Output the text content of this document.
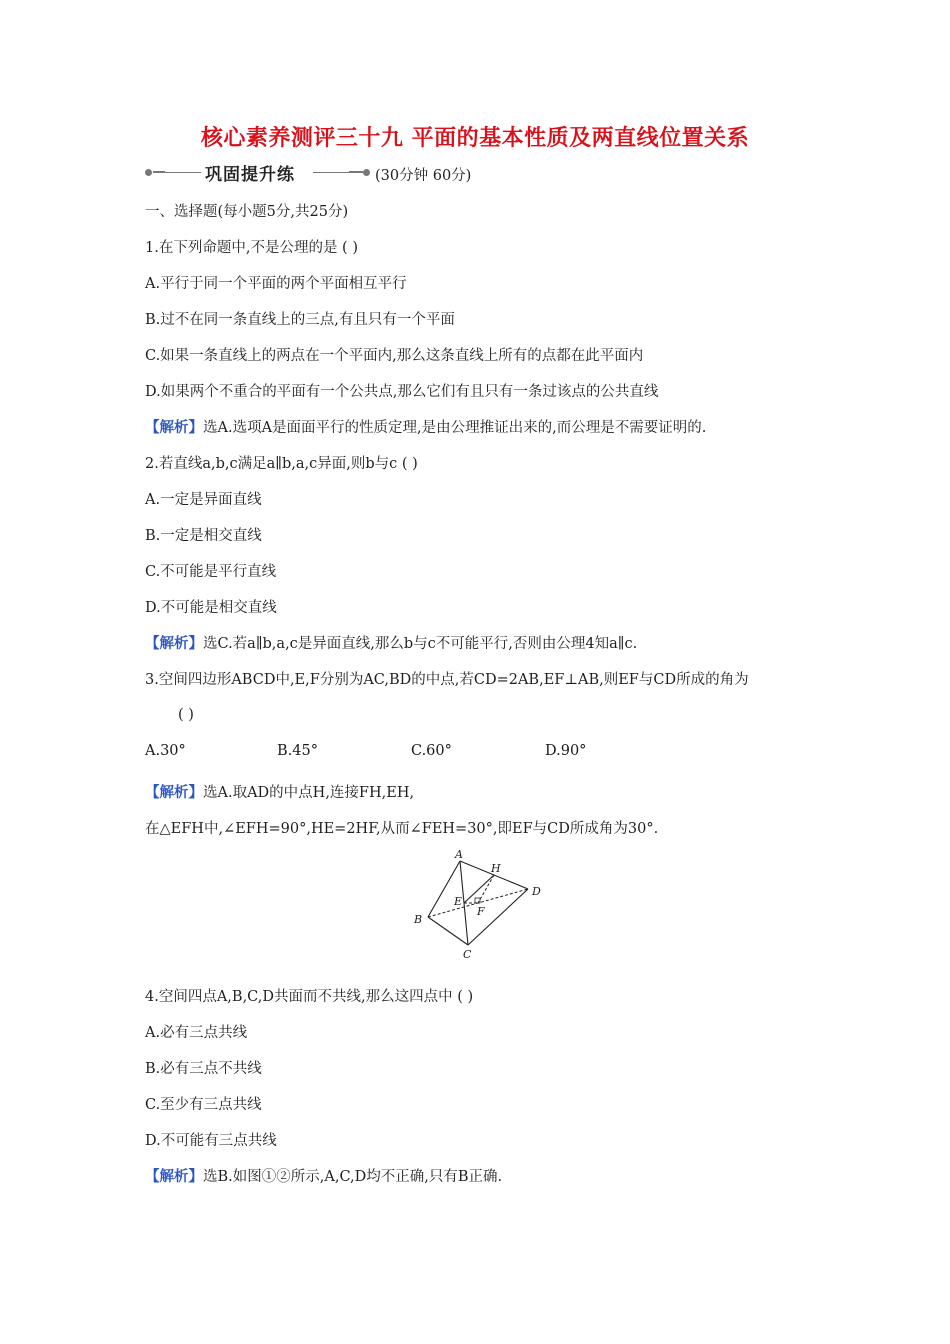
核心素养测评三十九 平面的基本性质及两直线位置关系
巩固提升练	(30分钟 60分)
一、选择题(每小题5分,共25分)
1.在下列命题中,不是公理的是 ( )
A.平行于同一个平面的两个平面相互平行
B.过不在同一条直线上的三点,有且只有一个平面
C.如果一条直线上的两点在一个平面内,那么这条直线上所有的点都在此平面内
D.如果两个不重合的平面有一个公共点,那么它们有且只有一条过该点的公共直线
【解析】选A.选项A是面面平行的性质定理,是由公理推证出来的,而公理是不需要证明的.
2.若直线a,b,c满足a∥b,a,c异面,则b与c ( )
A.一定是异面直线
B.一定是相交直线
C.不可能是平行直线
D.不可能是相交直线
【解析】选C.若a∥b,a,c是异面直线,那么b与c不可能平行,否则由公理4知a∥c.
3.空间四边形ABCD中,E,F分别为AC,BD的中点,若CD=2AB,EF⊥AB,则EF与CD所成的角为
( )
A.30°	B.45°	C.60°	D.90°
【解析】选A.取AD的中点H,连接FH,EH,
在△EFH中,∠EFH=90°,HE=2HF,从而∠FEH=30°,即EF与CD所成角为30°.
A
B
C
D
E
F
H
4.空间四点A,B,C,D共面而不共线,那么这四点中 ( )
A.必有三点共线
B.必有三点不共线
C.至少有三点共线
D.不可能有三点共线
【解析】选B.如图①②所示,A,C,D均不正确,只有B正确.
